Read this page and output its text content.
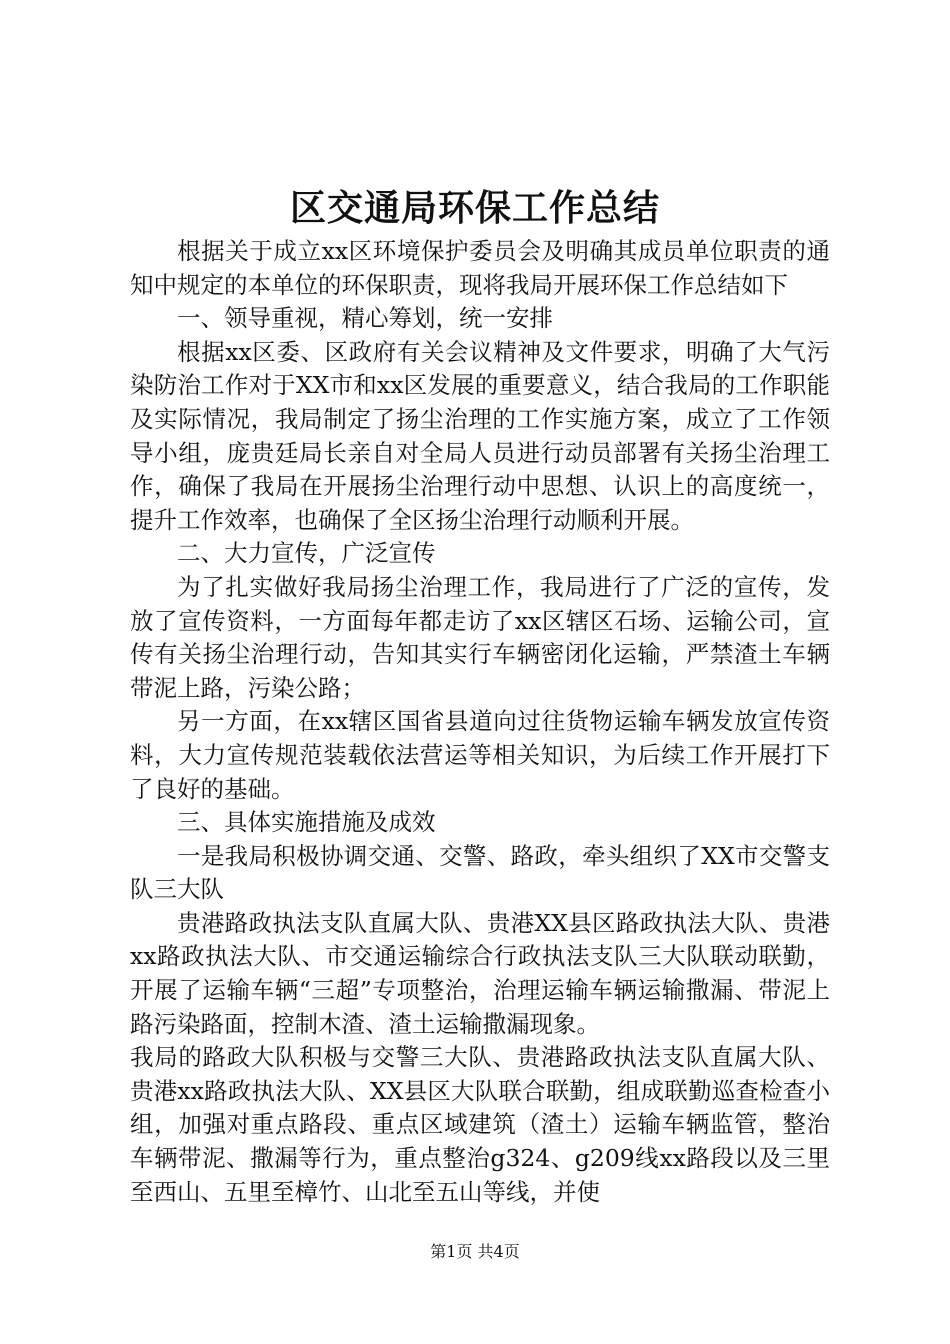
区交通局环保工作总结

根据关于成立xx区环境保护委员会及明确其成员单位职责的通知中规定的本单位的环保职责，现将我局开展环保工作总结如下

一、领导重视，精心筹划，统一安排

根据xx区委、区政府有关会议精神及文件要求，明确了大气污染防治工作对于XX市和xx区发展的重要意义，结合我局的工作职能及实际情况，我局制定了扬尘治理的工作实施方案，成立了工作领导小组，庞贵廷局长亲自对全局人员进行动员部署有关扬尘治理工作，确保了我局在开展扬尘治理行动中思想、认识上的高度统一，提升工作效率，也确保了全区扬尘治理行动顺利开展。

二、大力宣传，广泛宣传

为了扎实做好我局扬尘治理工作，我局进行了广泛的宣传，发放了宣传资料，一方面每年都走访了xx区辖区石场、运输公司，宣传有关扬尘治理行动，告知其实行车辆密闭化运输，严禁渣土车辆带泥上路，污染公路；

另一方面，在xx辖区国省县道向过往货物运输车辆发放宣传资料，大力宣传规范装载依法营运等相关知识，为后续工作开展打下了良好的基础。

三、具体实施措施及成效

一是我局积极协调交通、交警、路政，牵头组织了XX市交警支队三大队

贵港路政执法支队直属大队、贵港XX县区路政执法大队、贵港xx路政执法大队、市交通运输综合行政执法支队三大队联动联勤，开展了运输车辆“三超”专项整治，治理运输车辆运输撒漏、带泥上路污染路面，控制木渣、渣土运输撒漏现象。

我局的路政大队积极与交警三大队、贵港路政执法支队直属大队、贵港xx路政执法大队、XX县区大队联合联勤，组成联勤巡查检查小组，加强对重点路段、重点区域建筑（渣土）运输车辆监管，整治车辆带泥、撒漏等行为，重点整治g324、g209线xx路段以及三里至西山、五里至樟竹、山北至五山等线，并使

第1页 共4页
